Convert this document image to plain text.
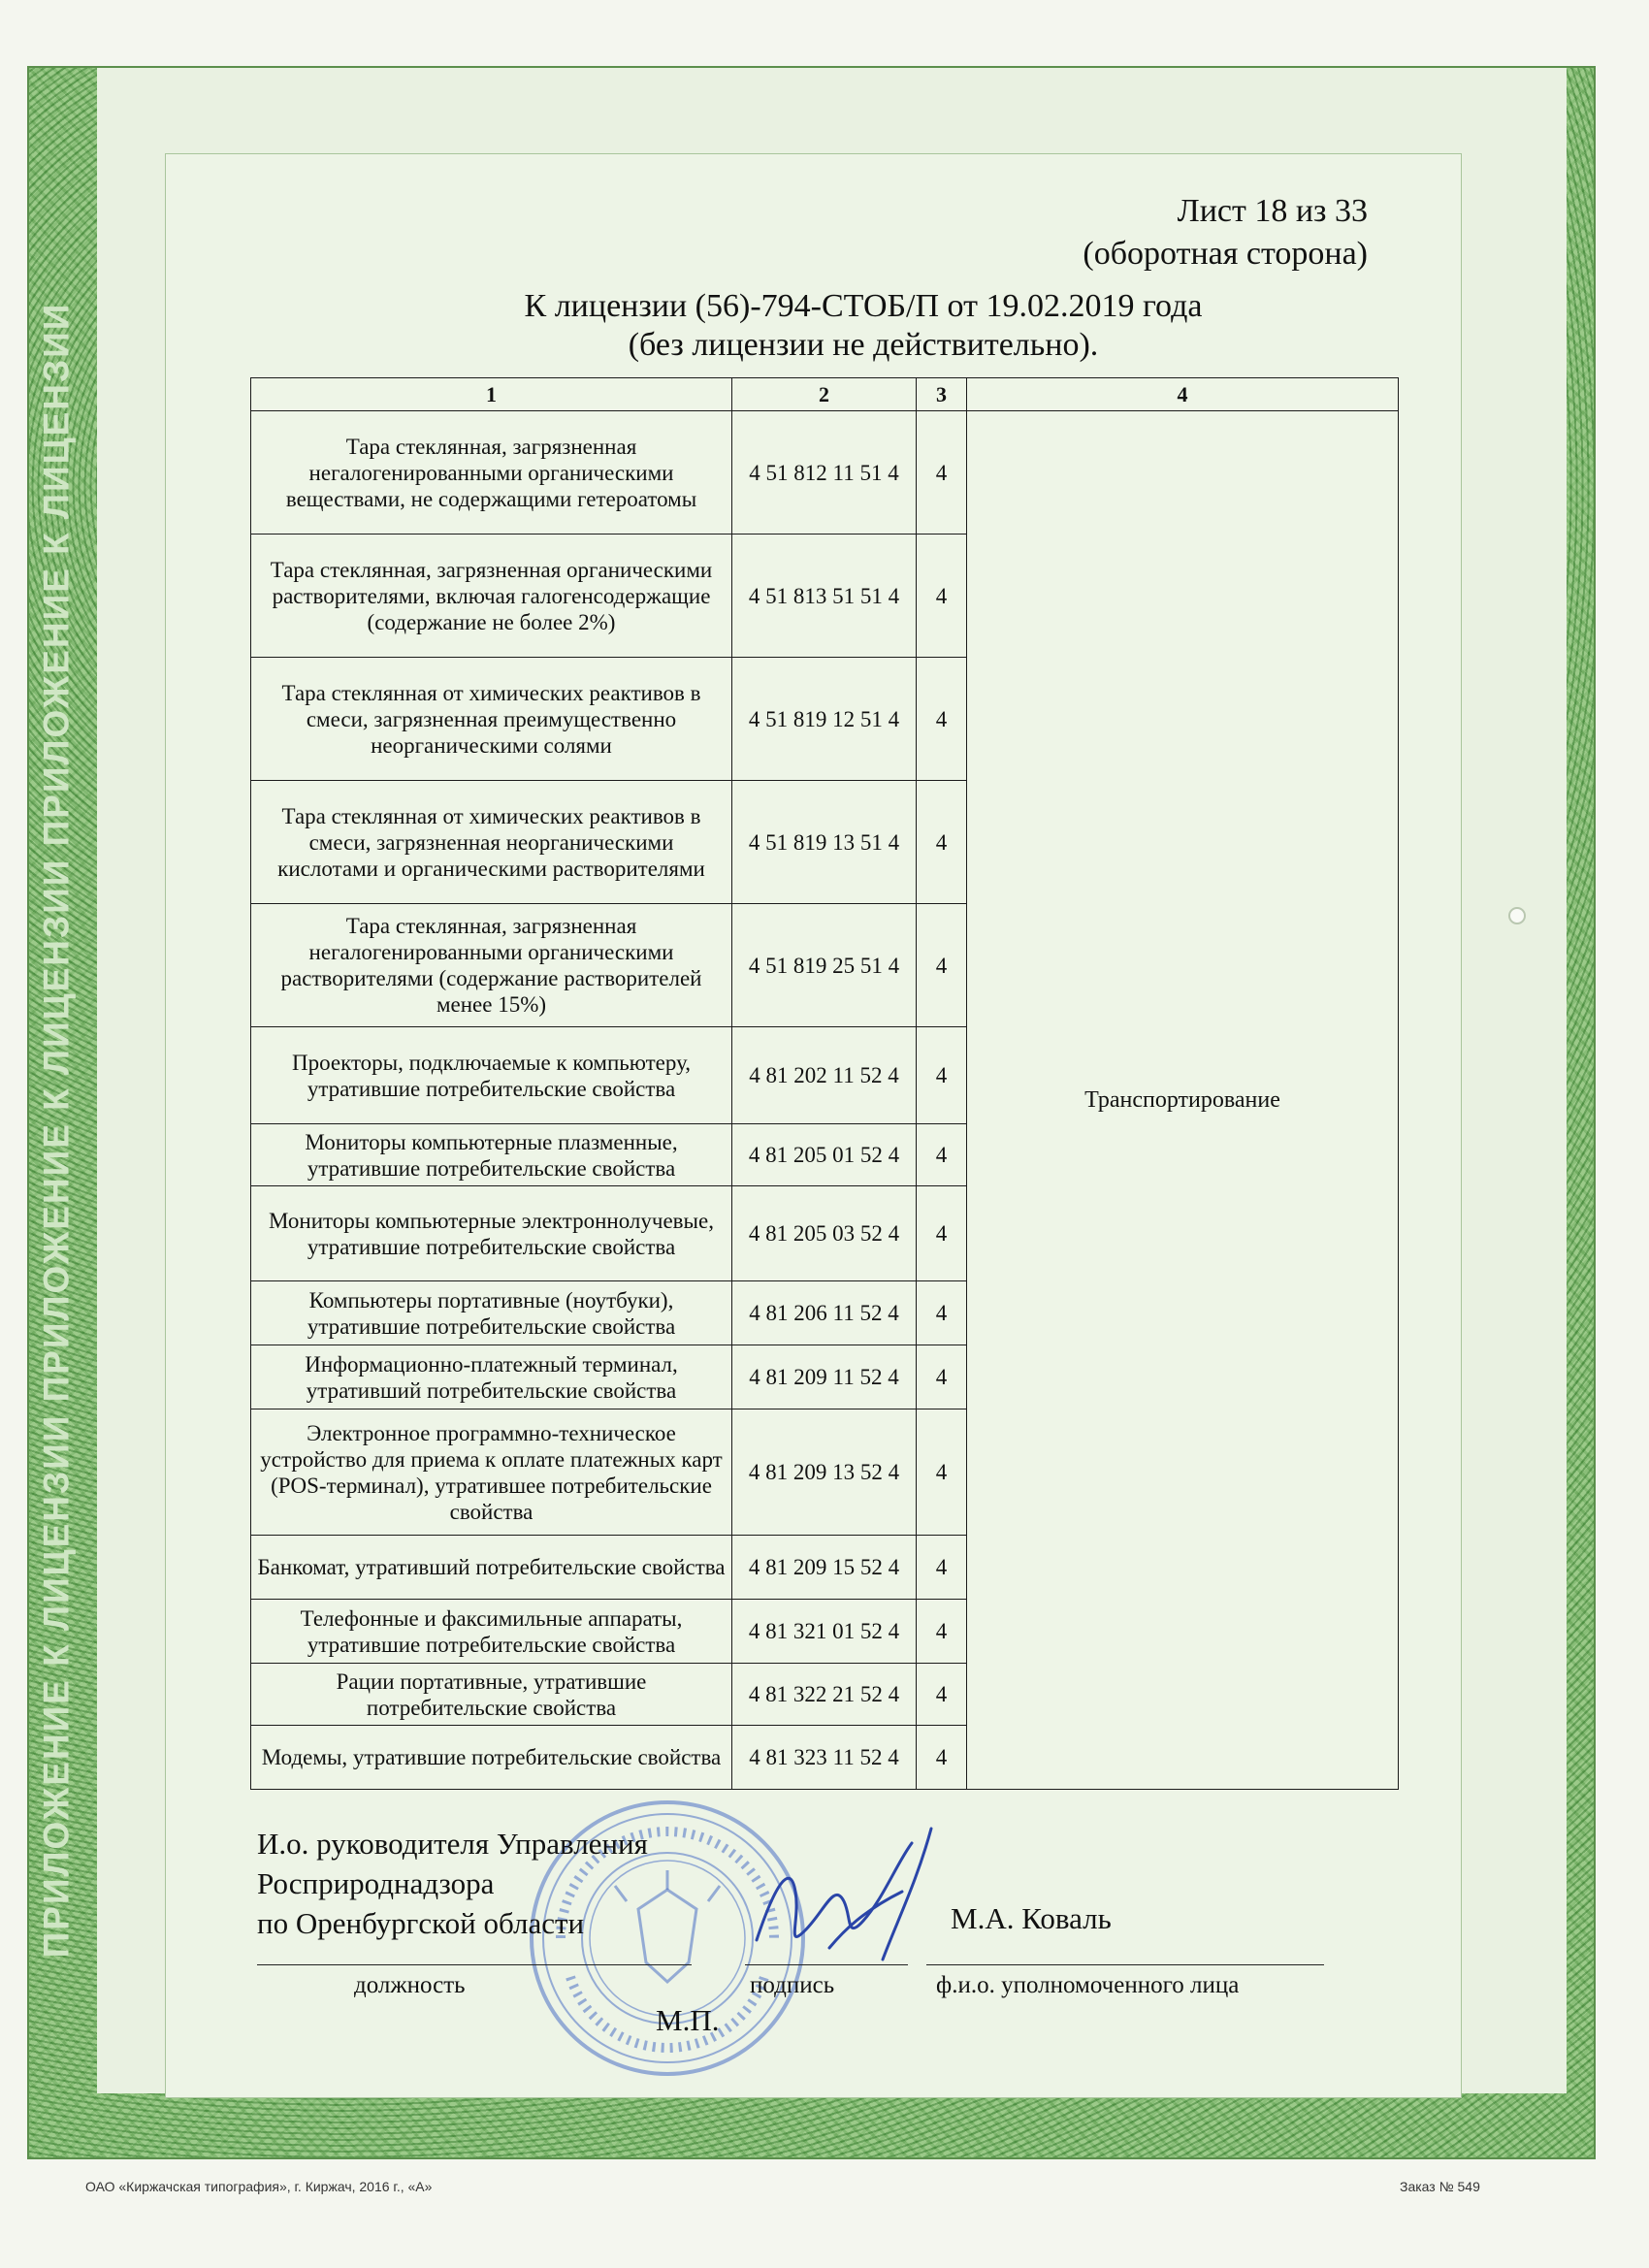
ПРИЛОЖЕНИЕ К ЛИЦЕНЗИИ ПРИЛОЖЕНИЕ К ЛИЦЕНЗИИ ПРИЛОЖЕНИЕ К ЛИЦЕНЗИИ
Лист 18 из 33
(оборотная сторона)
К лицензии (56)-794-СТОБ/П от 19.02.2019 года
(без лицензии не действительно).
1	2	3	4
Тара стеклянная, загрязненная негалогенированными органическими веществами, не содержащими гетероатомы	4 51 812 11 51 4	4	Транспортирование
Тара стеклянная, загрязненная органическими растворителями, включая галогенсодержащие (содержание не более 2%)	4 51 813 51 51 4	4	
Тара стеклянная от химических реактивов в смеси, загрязненная преимущественно неорганическими солями	4 51 819 12 51 4	4	
Тара стеклянная от химических реактивов в смеси, загрязненная неорганическими кислотами и органическими растворителями	4 51 819 13 51 4	4	
Тара стеклянная, загрязненная негалогенированными органическими растворителями (содержание растворителей менее 15%)	4 51 819 25 51 4	4	
Проекторы, подключаемые к компьютеру, утратившие потребительские свойства	4 81 202 11 52 4	4	
Мониторы компьютерные плазменные, утратившие потребительские свойства	4 81 205 01 52 4	4	
Мониторы компьютерные электроннолучевые, утратившие потребительские свойства	4 81 205 03 52 4	4	
Компьютеры портативные (ноутбуки), утратившие потребительские свойства	4 81 206 11 52 4	4	
Информационно-платежный терминал, утративший потребительские свойства	4 81 209 11 52 4	4	
Электронное программно-техническое устройство для приема к оплате платежных карт (POS-терминал), утратившее потребительские свойства	4 81 209 13 52 4	4	
Банкомат, утративший потребительские свойства	4 81 209 15 52 4	4	
Телефонные и факсимильные аппараты, утратившие потребительские свойства	4 81 321 01 52 4	4	
Рации портативные, утратившие потребительские свойства	4 81 322 21 52 4	4	
Модемы, утратившие потребительские свойства	4 81 323 11 52 4	4	
И.о. руководителя Управления
Росприроднадзора
по Оренбургской области	М.А. Коваль
должность	подпись	ф.и.о. уполномоченного лица
М.П.
ОАО «Киржачская типография», г. Киржач, 2016 г., «А»	Заказ № 549
